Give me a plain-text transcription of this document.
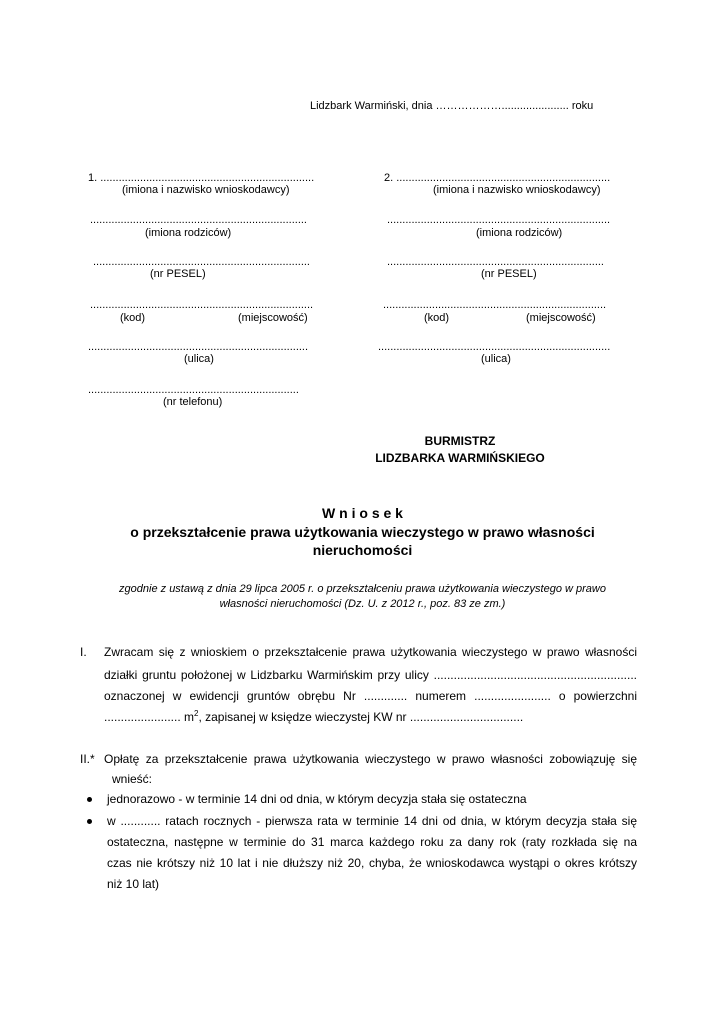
Lidzbark Warmiński, dnia ………………...................... roku
1. ......................................................................
(imiona i nazwisko wnioskodawcy)
.......................................................................
(imiona rodziców)
.......................................................................
(nr PESEL)
.........................................................................
(kod)	(miejscowość)
........................................................................
(ulica)
.....................................................................
(nr telefonu)
2. ......................................................................
(imiona i nazwisko wnioskodawcy)
.........................................................................
(imiona rodziców)
.......................................................................
(nr PESEL)
.........................................................................
(kod)	(miejscowość)
............................................................................
(ulica)
BURMISTRZ
LIDZBARKA WARMIŃSKIEGO
W n i o s e k
o przekształcenie prawa użytkowania wieczystego w prawo własności
nieruchomości
zgodnie z ustawą z dnia 29 lipca 2005 r. o przekształceniu prawa użytkowania wieczystego w prawo
własności nieruchomości (Dz. U. z 2012 r., poz. 83 ze zm.)
I. Zwracam się z wnioskiem o przekształcenie prawa użytkowania wieczystego w prawo własności
działki gruntu położonej w Lidzbarku Warmińskim przy ulicy .............................................................
oznaczonej w ewidencji gruntów obrębu Nr ............. numerem ....................... o powierzchni
....................... $m^2$, zapisanej w księdze wieczystej KW nr ..................................
II.* Opłatę za przekształcenie prawa użytkowania wieczystego w prawo własności zobowiązuję się
wnieść:
jednorazowo - w terminie 14 dni od dnia, w którym decyzja stała się ostateczna
w ............ ratach rocznych - pierwsza rata w terminie 14 dni od dnia, w którym decyzja stała się
ostateczna, następne w terminie do 31 marca każdego roku za dany rok (raty rozkłada się na
czas nie krótszy niż 10 lat i nie dłuższy niż 20, chyba, że wnioskodawca wystąpi o okres krótszy
niż 10 lat)
